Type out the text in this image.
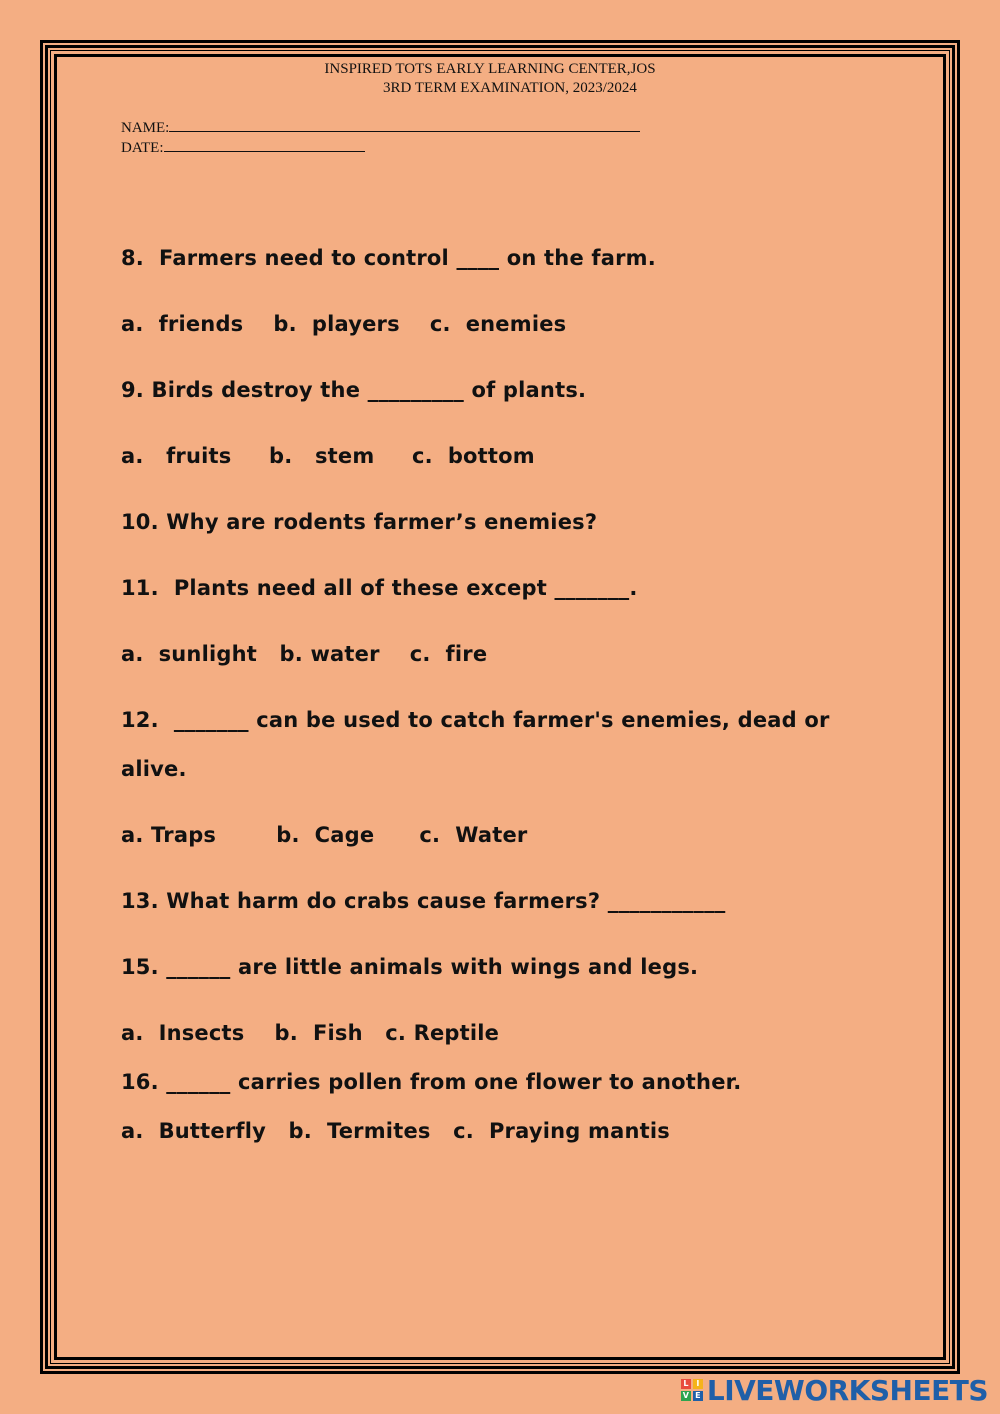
INSPIRED TOTS EARLY LEARNING CENTER,JOS
3RD TERM EXAMINATION, 2023/2024
NAME:
DATE:
8.  Farmers need to control ____ on the farm.
a.  friends    b.  players    c.  enemies
9. Birds destroy the _________ of plants.
a.   fruits     b.   stem     c.  bottom
10. Why are rodents farmer’s enemies?
11.  Plants need all of these except _______.
a.  sunlight   b. water    c.  fire
12.  _______ can be used to catch farmer's enemies, dead or
alive.
a. Traps        b.  Cage      c.  Water
13. What harm do crabs cause farmers? ___________
15. ______ are little animals with wings and legs.
a.  Insects    b.  Fish   c. Reptile
16. ______ carries pollen from one flower to another.
a.  Butterfly   b.  Termites   c.  Praying mantis
L I
V E LIVEWORKSHEETS
